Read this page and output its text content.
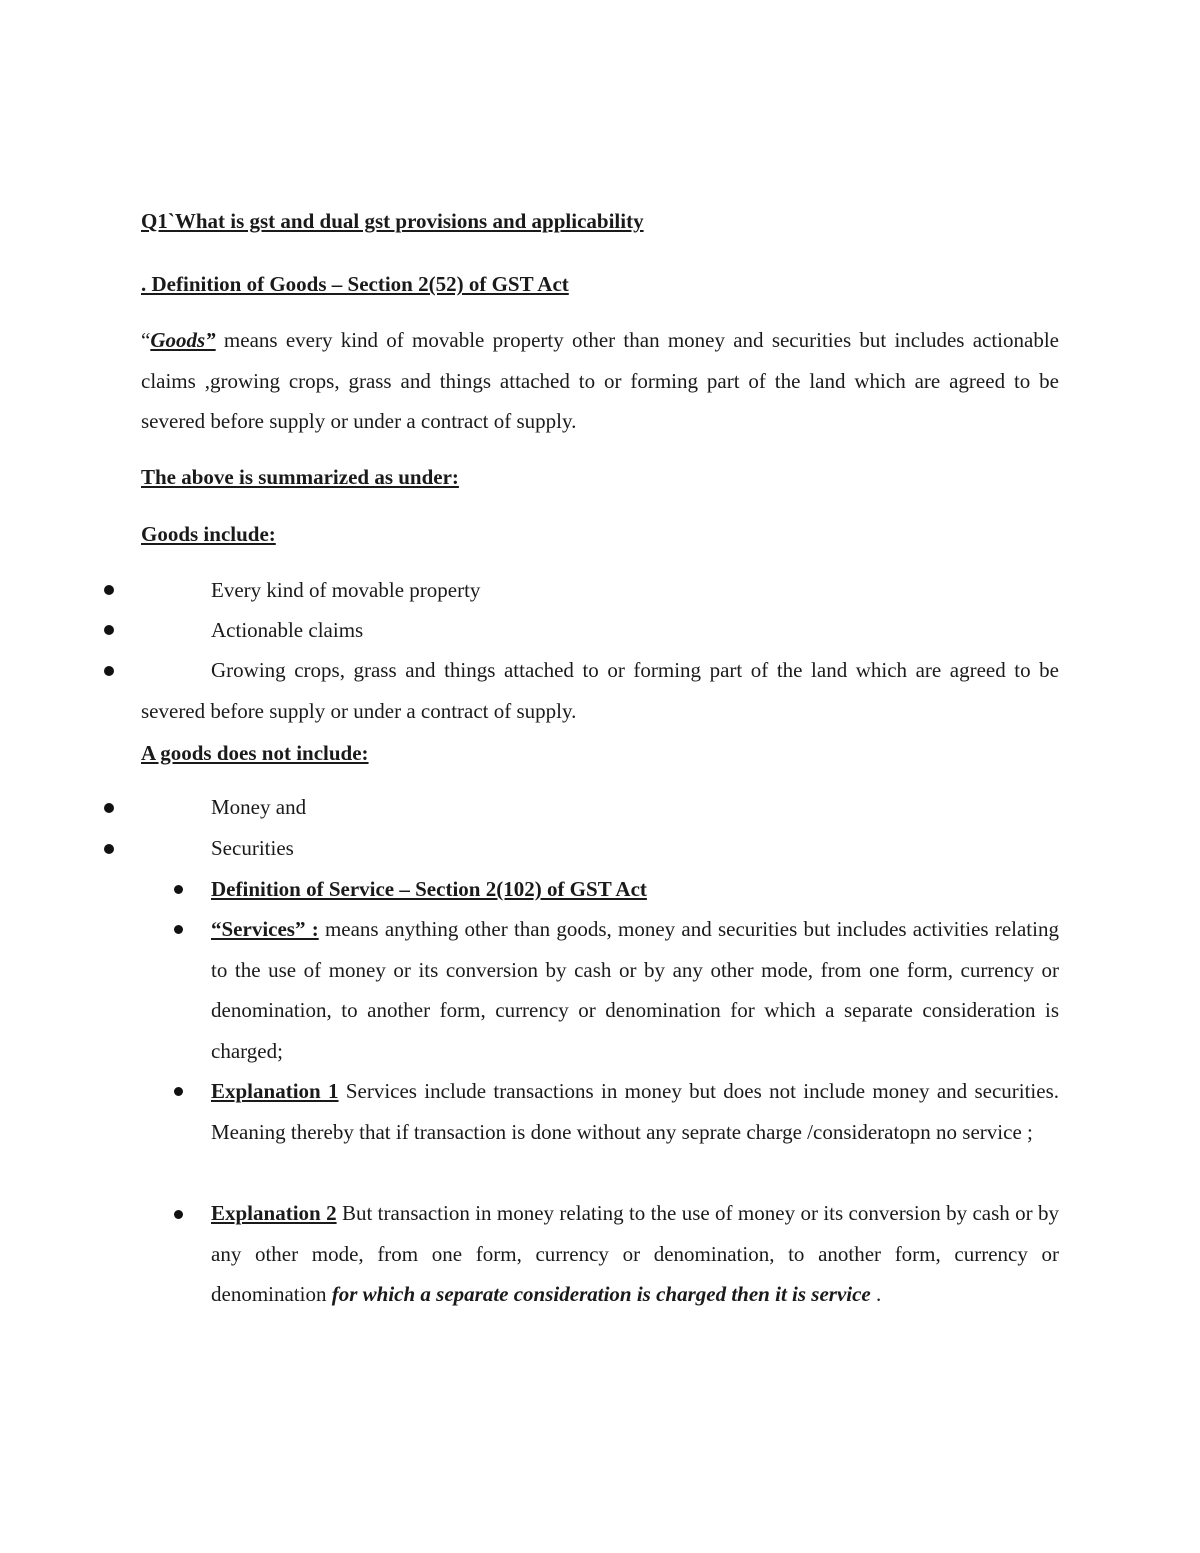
Q1`What is gst and dual gst provisions and applicability
. Definition of Goods – Section 2(52) of GST Act
“Goods” means every kind of movable property other than money and securities but includes actionable claims ,growing crops, grass and things attached to or forming part of the land which are agreed to be severed before supply or under a contract of supply.
The above is summarized as under:
Goods include:
Every kind of movable property
Actionable claims
Growing crops, grass and things attached to or forming part of the land which are agreed to be severed before supply or under a contract of supply.
A goods does not include:
Money and
Securities
Definition of Service – Section 2(102) of GST Act
“Services” : means anything other than goods, money and securities but includes activities relating to the use of money or its conversion by cash or by any other mode, from one form, currency or denomination, to another form, currency or denomination for which a separate consideration is charged;
Explanation 1 Services include transactions in money but does not include money and securities. Meaning thereby that if transaction is done without any seprate charge /consideratopn no service ;
Explanation 2 But transaction in money relating to the use of money or its conversion by cash or by any other mode, from one form, currency or denomination, to another form, currency or denomination for which a separate consideration is charged then it is service .
